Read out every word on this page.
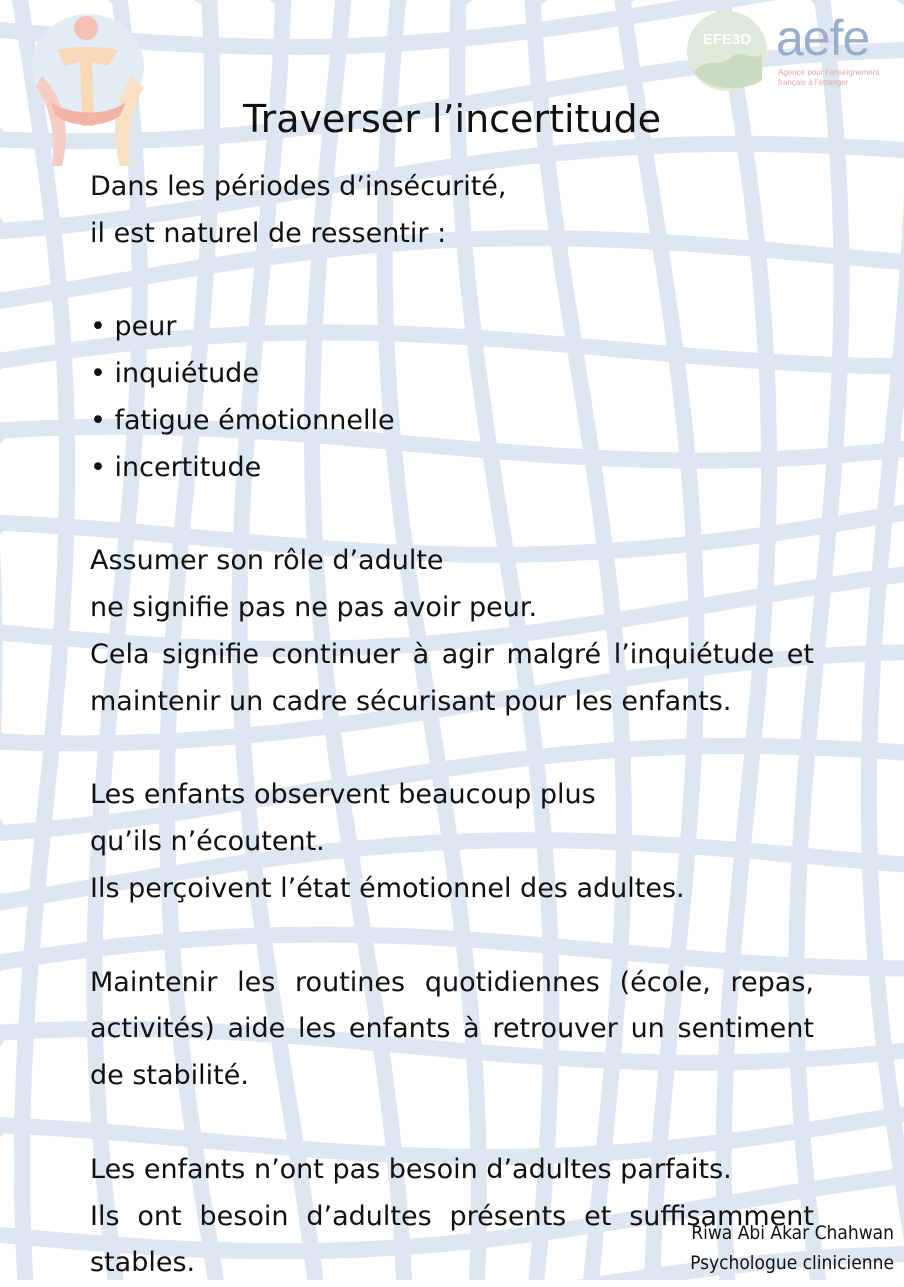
EFE3D aefe
Agence pour l’enseignement français à l’étranger
Traverser l’incertitude

Dans les périodes d’insécurité,
il est naturel de ressentir :

• peur
• inquiétude
• fatigue émotionnelle
• incertitude

Assumer son rôle d’adulte
ne signifie pas ne pas avoir peur.
Cela signifie continuer à agir malgré l’inquiétude et maintenir un cadre sécurisant pour les enfants.

Les enfants observent beaucoup plus
qu’ils n’écoutent.
Ils perçoivent l’état émotionnel des adultes.

Maintenir les routines quotidiennes (école, repas, activités) aide les enfants à retrouver un sentiment de stabilité.

Les enfants n’ont pas besoin d’adultes parfaits.
Ils ont besoin d’adultes présents et suffisamment stables.

Riwa Abi Akar Chahwan
Psychologue clinicienne
